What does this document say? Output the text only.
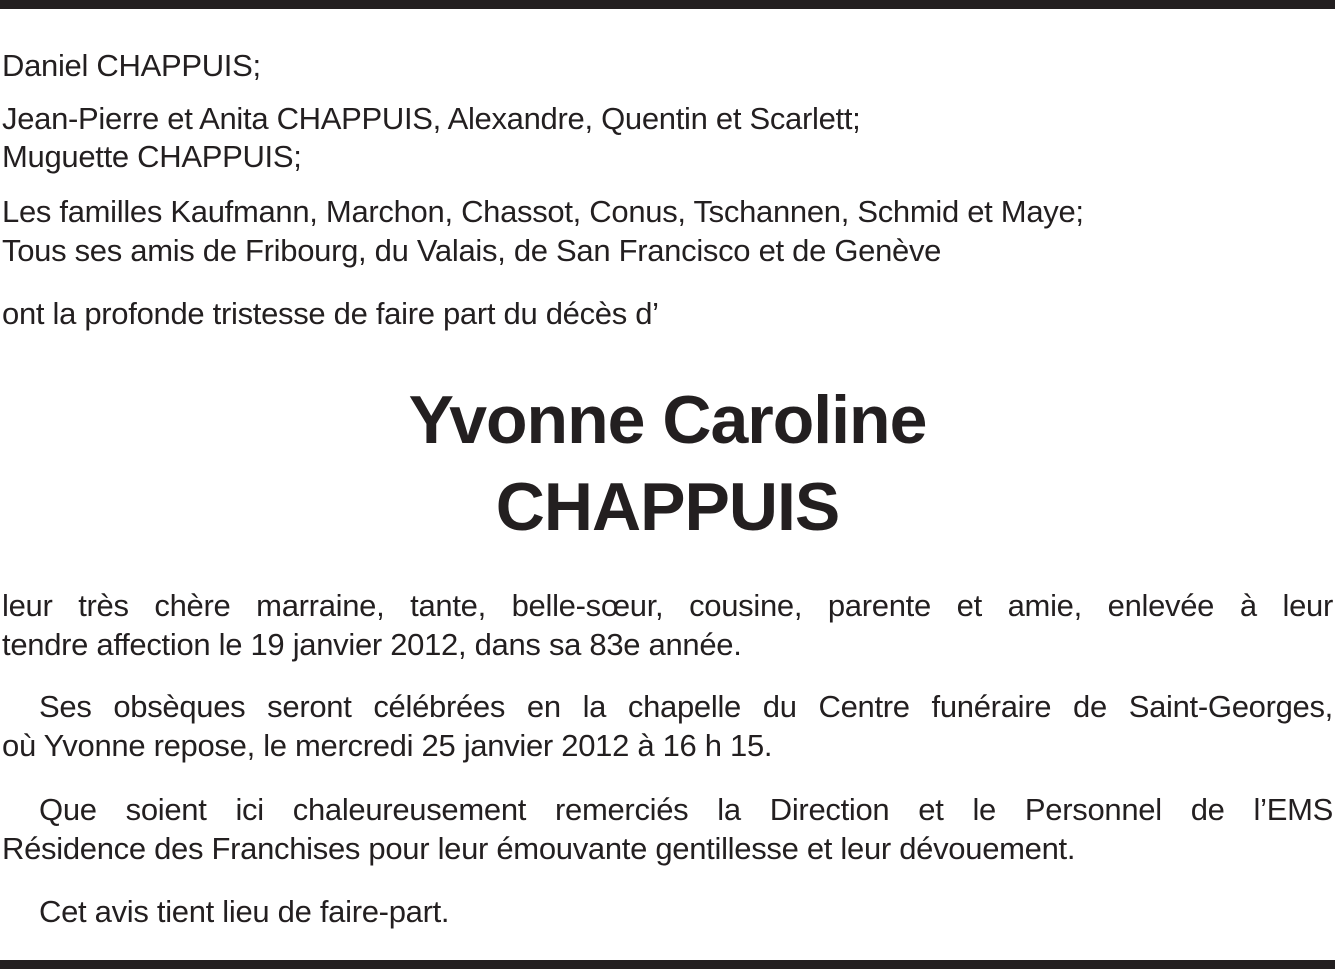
Daniel CHAPPUIS;
Jean-Pierre et Anita CHAPPUIS, Alexandre, Quentin et Scarlett;
Muguette CHAPPUIS;
Les familles Kaufmann, Marchon, Chassot, Conus, Tschannen, Schmid et Maye;
Tous ses amis de Fribourg, du Valais, de San Francisco et de Genève
ont la profonde tristesse de faire part du décès d’
Yvonne Caroline
CHAPPUIS
leur très chère marraine, tante, belle-sœur, cousine, parente et amie, enlevée à leur
tendre affection le 19 janvier 2012, dans sa 83e année.
Ses obsèques seront célébrées en la chapelle du Centre funéraire de Saint-Georges,
où Yvonne repose, le mercredi 25 janvier 2012 à 16 h 15.
Que soient ici chaleureusement remerciés la Direction et le Personnel de l’EMS
Résidence des Franchises pour leur émouvante gentillesse et leur dévouement.
Cet avis tient lieu de faire-part.
